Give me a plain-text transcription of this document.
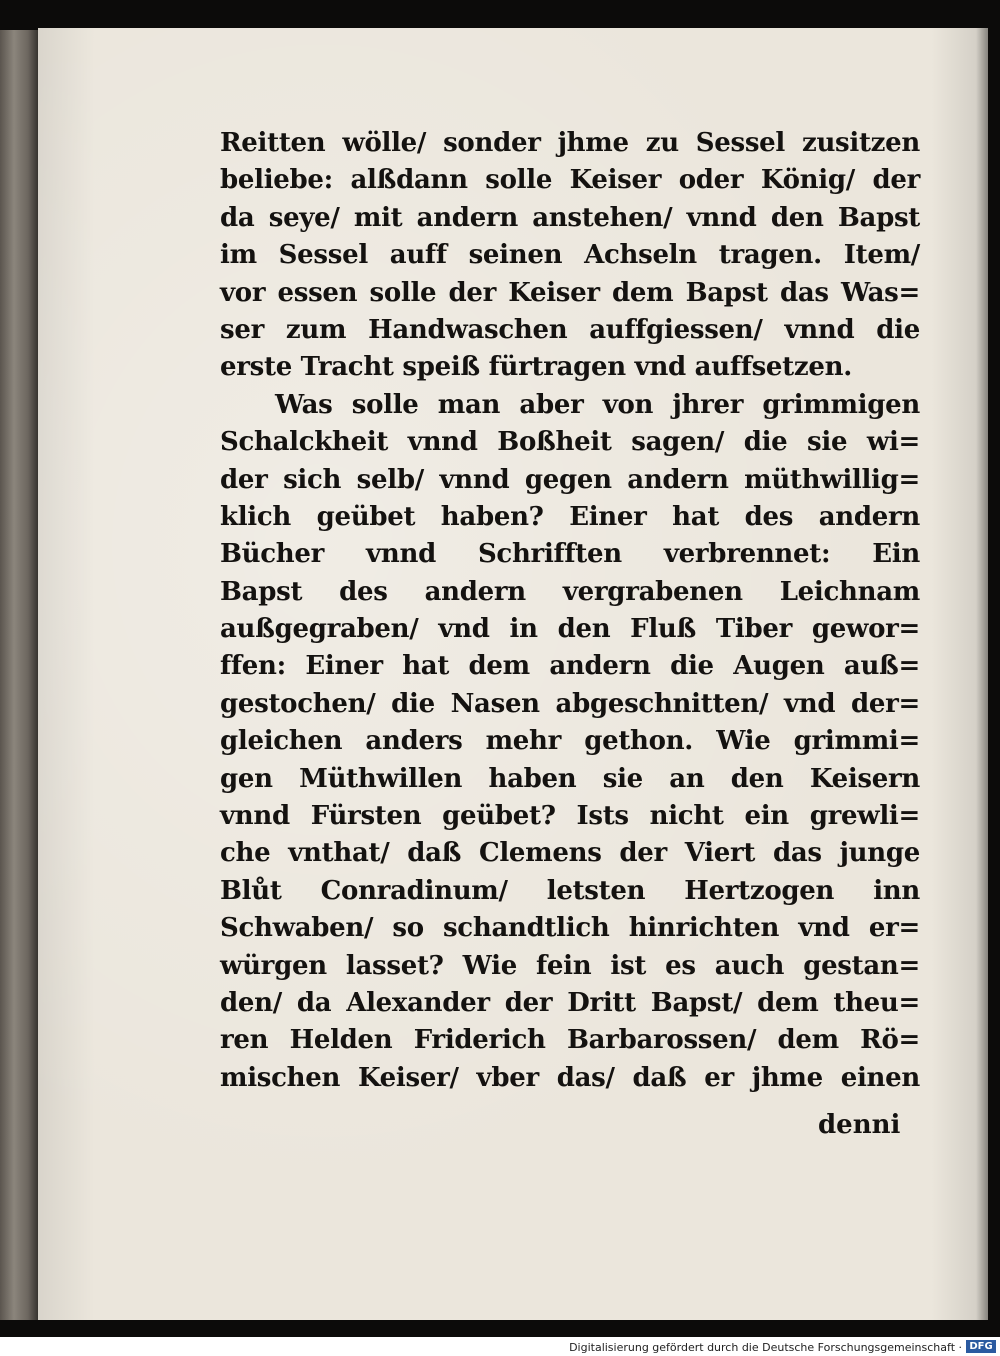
Reitten wölle/ sonder jhme zu Sessel zusitzen
beliebe: alßdann solle Keiser oder König/ der
da seye/ mit andern anstehen/ vnnd den Bapst
im Sessel auff seinen Achseln tragen. Item/
vor essen solle der Keiser dem Bapst das Was=
ser zum Handwaschen auffgiessen/ vnnd die
erste Tracht speiß fürtragen vnd auffsetzen.
Was solle man aber von jhrer grimmigen
Schalckheit vnnd Boßheit sagen/ die sie wi=
der sich selb/ vnnd gegen andern müthwillig=
klich geübet haben? Einer hat des andern
Bücher vnnd Schrifften verbrennet: Ein
Bapst des andern vergrabenen Leichnam
außgegraben/ vnd in den Fluß Tiber gewor=
ffen: Einer hat dem andern die Augen auß=
gestochen/ die Nasen abgeschnitten/ vnd der=
gleichen anders mehr gethon. Wie grimmi=
gen Müthwillen haben sie an den Keisern
vnnd Fürsten geübet? Ists nicht ein grewli=
che vnthat/ daß Clemens der Viert das junge
Blůt Conradinum/ letsten Hertzogen inn
Schwaben/ so schandtlich hinrichten vnd er=
würgen lasset? Wie fein ist es auch gestan=
den/ da Alexander der Dritt Bapst/ dem theu=
ren Helden Friderich Barbarossen/ dem Rö=
mischen Keiser/ vber das/ daß er jhme einen
denni
Digitalisierung gefördert durch die Deutsche Forschungsgemeinschaft · DFG
